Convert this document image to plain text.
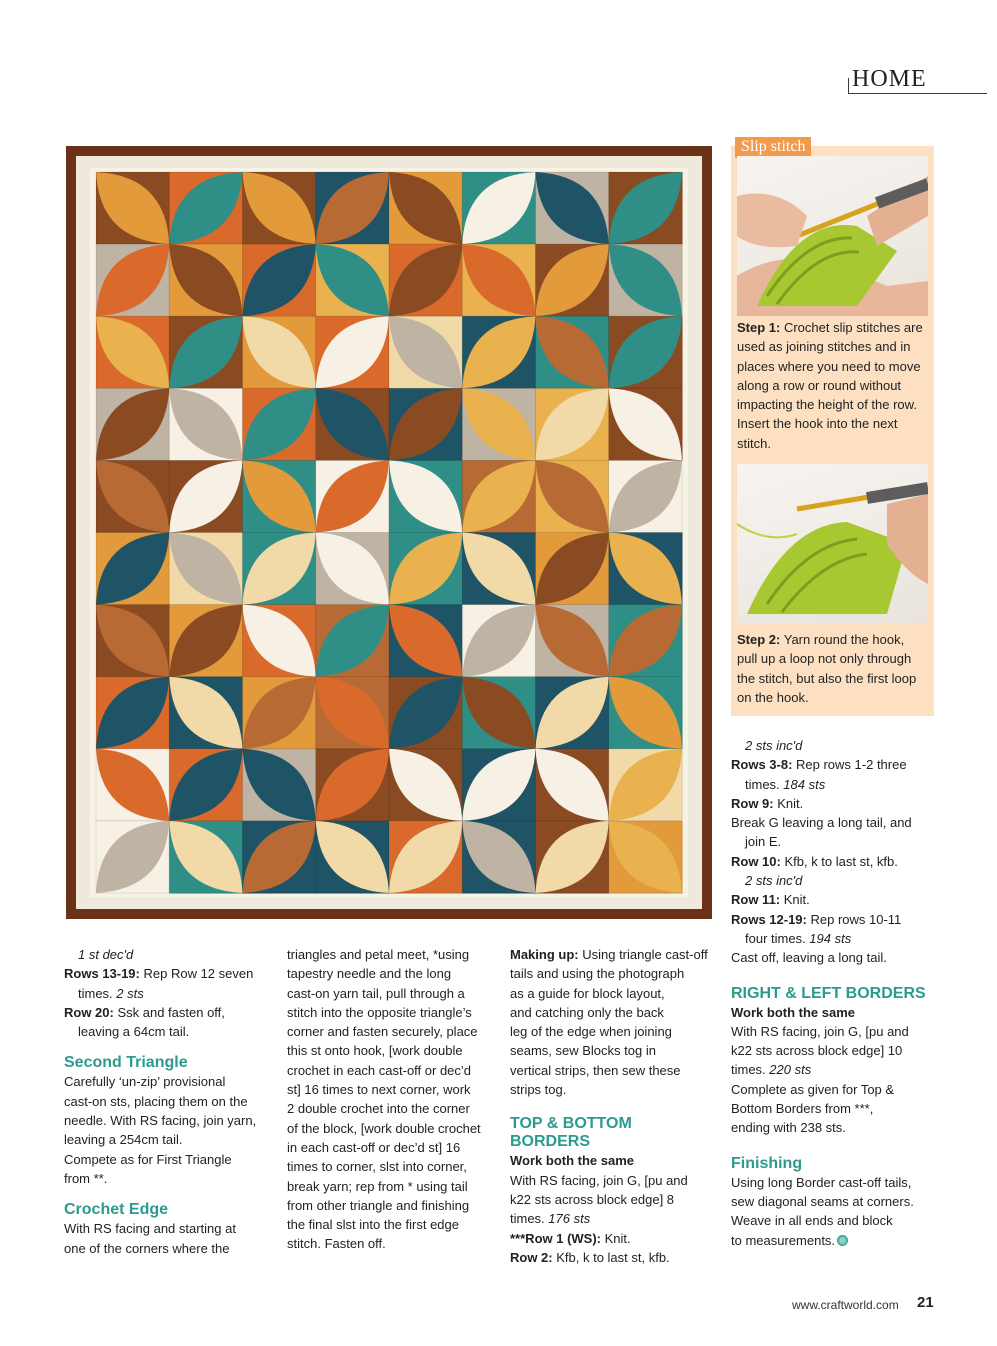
HOME
Slip stitch
Step 1: Crochet slip stitches are used as joining stitches and in places where you need to move along a row or round without impacting the height of the row. Insert the hook into the next stitch.
Step 2: Yarn round the hook, pull up a loop not only through the stitch, but also the first loop on the hook.

1 st dec'd

Rows 13-19: Rep Row 12 seven

times. 2 sts

Row 20: Ssk and fasten off,

leaving a 64cm tail.

Second Triangle

Carefully ‘un-zip’ provisional

cast-on sts, placing them on the

needle. With RS facing, join yarn,

leaving a 254cm tail.

Compete as for First Triangle

from **.

Crochet Edge

With RS facing and starting at

one of the corners where the

triangles and petal meet, *using

tapestry needle and the long

cast-on yarn tail, pull through a

stitch into the opposite triangle’s

corner and fasten securely, place

this st onto hook, [work double

crochet in each cast-off or dec’d

st] 16 times to next corner, work

2 double crochet into the corner

of the block, [work double crochet

in each cast-off or dec’d st] 16

times to corner, slst into corner,

break yarn; rep from * using tail

from other triangle and finishing

the final slst into the first edge

stitch. Fasten off.

Making up: Using triangle cast-off

tails and using the photograph

as a guide for block layout,

and catching only the back

leg of the edge when joining

seams, sew Blocks tog in

vertical strips, then sew these

strips tog.

TOP & BOTTOM

BORDERS

Work both the same

With RS facing, join G, [pu and

k22 sts across block edge] 8

times. 176 sts

***Row 1 (WS): Knit.

Row 2: Kfb, k to last st, kfb.

2 sts inc'd

Rows 3-8: Rep rows 1-2 three

times. 184 sts

Row 9: Knit.

Break G leaving a long tail, and

join E.

Row 10: Kfb, k to last st, kfb.

2 sts inc'd

Row 11: Knit.

Rows 12-19: Rep rows 10-11

four times. 194 sts

Cast off, leaving a long tail.

RIGHT & LEFT BORDERS

Work both the same

With RS facing, join G, [pu and

k22 sts across block edge] 10

times. 220 sts

Complete as given for Top &

Bottom Borders from ***,

ending with 238 sts.

Finishing

Using long Border cast-off tails,

sew diagonal seams at corners.

Weave in all ends and block

to measurements.

www.craftworld.com 21
